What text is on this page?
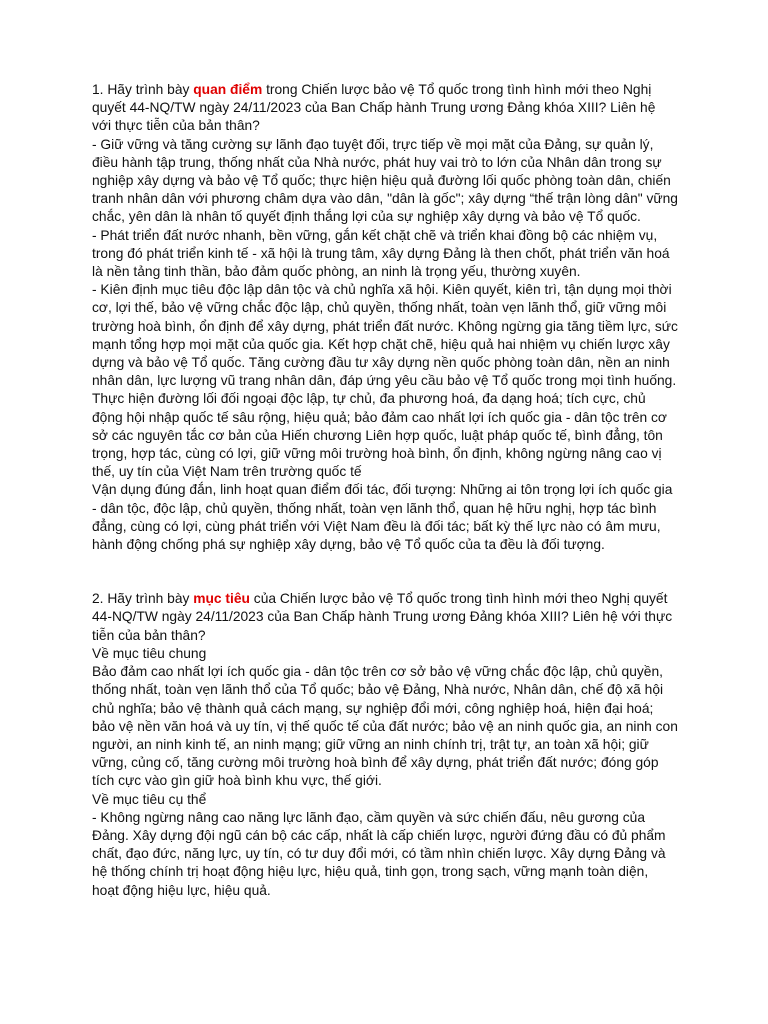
1. Hãy trình bày quan điểm trong Chiến lược bảo vệ Tổ quốc trong tình hình mới theo Nghị quyết 44-NQ/TW ngày 24/11/2023 của Ban Chấp hành Trung ương Đảng khóa XIII? Liên hệ với thực tiễn của bản thân?

- Giữ vững và tăng cường sự lãnh đạo tuyệt đối, trực tiếp về mọi mặt của Đảng, sự quản lý, điều hành tập trung, thống nhất của Nhà nước, phát huy vai trò to lớn của Nhân dân trong sự nghiệp xây dựng và bảo vệ Tổ quốc; thực hiện hiệu quả đường lối quốc phòng toàn dân, chiến tranh nhân dân với phương châm dựa vào dân, "dân là gốc"; xây dựng “thế trận lòng dân" vững chắc, yên dân là nhân tố quyết định thắng lợi của sự nghiệp xây dựng và bảo vệ Tổ quốc.

- Phát triển đất nước nhanh, bền vững, gắn kết chặt chẽ và triển khai đồng bộ các nhiệm vụ, trong đó phát triển kinh tế - xã hội là trung tâm, xây dựng Đảng là then chốt, phát triển văn hoá là nền tảng tinh thần, bảo đảm quốc phòng, an ninh là trọng yếu, thường xuyên.

- Kiên định mục tiêu độc lập dân tộc và chủ nghĩa xã hội. Kiên quyết, kiên trì, tận dụng mọi thời cơ, lợi thế, bảo vệ vững chắc độc lập, chủ quyền, thống nhất, toàn vẹn lãnh thổ, giữ vững môi trường hoà bình, ổn định để xây dựng, phát triển đất nước. Không ngừng gia tăng tiềm lực, sức mạnh tổng hợp mọi mặt của quốc gia. Kết hợp chặt chẽ, hiệu quả hai nhiệm vụ chiến lược xây dựng và bảo vệ Tổ quốc. Tăng cường đầu tư xây dựng nền quốc phòng toàn dân, nền an ninh nhân dân, lực lượng vũ trang nhân dân, đáp ứng yêu cầu bảo vệ Tổ quốc trong mọi tình huống.

Thực hiện đường lối đối ngoại độc lập, tự chủ, đa phương hoá, đa dạng hoá; tích cực, chủ động hội nhập quốc tế sâu rộng, hiệu quả; bảo đảm cao nhất lợi ích quốc gia - dân tộc trên cơ sở các nguyên tắc cơ bản của Hiến chương Liên hợp quốc, luật pháp quốc tế, bình đẳng, tôn trọng, hợp tác, cùng có lợi, giữ vững môi trường hoà bình, ổn định, không ngừng nâng cao vị thế, uy tín của Việt Nam trên trường quốc tế

Vận dụng đúng đắn, linh hoạt quan điểm đối tác, đối tượng: Những ai tôn trọng lợi ích quốc gia - dân tộc, độc lập, chủ quyền, thống nhất, toàn vẹn lãnh thổ, quan hệ hữu nghị, hợp tác bình đẳng, cùng có lợi, cùng phát triển với Việt Nam đều là đối tác; bất kỳ thế lực nào có âm mưu, hành động chống phá sự nghiệp xây dựng, bảo vệ Tổ quốc của ta đều là đối tượng.

2. Hãy trình bày mục tiêu của Chiến lược bảo vệ Tổ quốc trong tình hình mới theo Nghị quyết 44-NQ/TW ngày 24/11/2023 của Ban Chấp hành Trung ương Đảng khóa XIII? Liên hệ với thực tiễn của bản thân?

Về mục tiêu chung

Bảo đảm cao nhất lợi ích quốc gia - dân tộc trên cơ sở bảo vệ vững chắc độc lập, chủ quyền, thống nhất, toàn vẹn lãnh thổ của Tổ quốc; bảo vệ Đảng, Nhà nước, Nhân dân, chế độ xã hội chủ nghĩa; bảo vệ thành quả cách mạng, sự nghiệp đổi mới, công nghiệp hoá, hiện đại hoá; bảo vệ nền văn hoá và uy tín, vị thế quốc tế của đất nước; bảo vệ an ninh quốc gia, an ninh con người, an ninh kinh tế, an ninh mạng; giữ vững an ninh chính trị, trật tự, an toàn xã hội; giữ vững, củng cố, tăng cường môi trường hoà bình để xây dựng, phát triển đất nước; đóng góp tích cực vào gìn giữ hoà bình khu vực, thế giới.

Về mục tiêu cụ thể

- Không ngừng nâng cao năng lực lãnh đạo, cầm quyền và sức chiến đấu, nêu gương của Đảng. Xây dựng đội ngũ cán bộ các cấp, nhất là cấp chiến lược, người đứng đầu có đủ phẩm chất, đạo đức, năng lực, uy tín, có tư duy đổi mới, có tầm nhìn chiến lược. Xây dựng Đảng và hệ thống chính trị hoạt động hiệu lực, hiệu quả, tinh gọn, trong sạch, vững mạnh toàn diện, hoạt động hiệu lực, hiệu quả.
